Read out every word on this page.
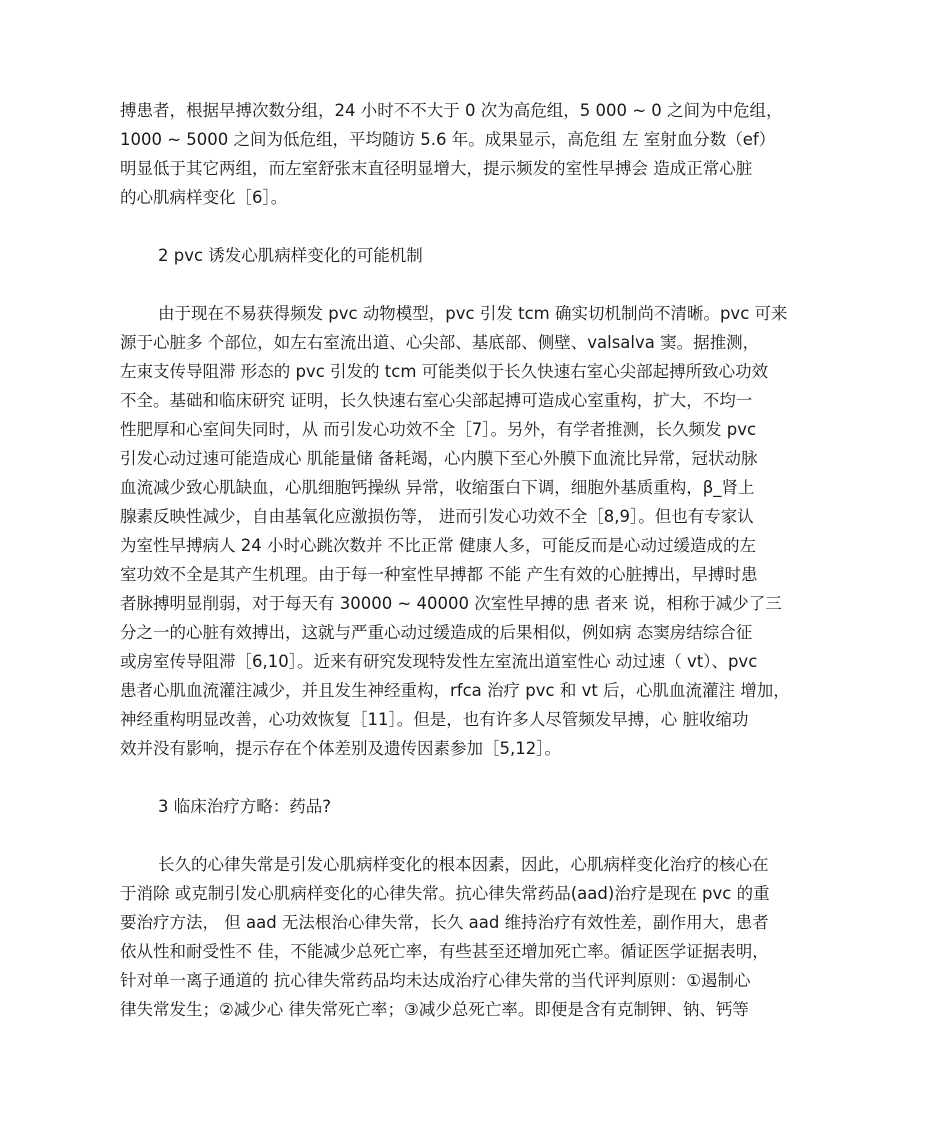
搏患者，根据早搏次数分组，24 小时不不大于 0 次为高危组，5 000 ~ 0 之间为中危组，
1000 ~ 5000 之间为低危组，平均随访 5.6 年。成果显示，高危组 左 室射血分数（ef）
明显低于其它两组，而左室舒张末直径明显增大，提示频发的室性早搏会 造成正常心脏
的心肌病样变化［6］。
2 pvc 诱发心肌病样变化的可能机制
由于现在不易获得频发 pvc 动物模型，pvc 引发 tcm 确实切机制尚不清晰。pvc 可来
源于心脏多 个部位，如左右室流出道、心尖部、基底部、侧壁、valsalva 窦。据推测，
左束支传导阻滞 形态的 pvc 引发的 tcm 可能类似于长久快速右室心尖部起搏所致心功效
不全。基础和临床研究 证明，长久快速右室心尖部起搏可造成心室重构，扩大，不均一
性肥厚和心室间失同时，从 而引发心功效不全［7］。另外，有学者推测，长久频发 pvc
引发心动过速可能造成心 肌能量储 备耗竭，心内膜下至心外膜下血流比异常，冠状动脉
血流减少致心肌缺血，心肌细胞钙操纵 异常，收缩蛋白下调，细胞外基质重构，β_肾上
腺素反映性减少，自由基氧化应激损伤等， 进而引发心功效不全［8,9］。但也有专家认
为室性早搏病人 24 小时心跳次数并 不比正常 健康人多，可能反而是心动过缓造成的左
室功效不全是其产生机理。由于每一种室性早搏都 不能 产生有效的心脏搏出，早搏时患
者脉搏明显削弱，对于每天有 30000 ~ 40000 次室性早搏的患 者来 说，相称于减少了三
分之一的心脏有效搏出，这就与严重心动过缓造成的后果相似，例如病 态窦房结综合征
或房室传导阻滞［6,10］。近来有研究发现特发性左室流出道室性心 动过速（ vt）、pvc
患者心肌血流灌注减少，并且发生神经重构，rfca 治疗 pvc 和 vt 后，心肌血流灌注 增加，
神经重构明显改善，心功效恢复［11］。但是，也有许多人尽管频发早搏，心 脏收缩功
效并没有影响，提示存在个体差别及遗传因素参加［5,12］。
3 临床治疗方略：药品?
长久的心律失常是引发心肌病样变化的根本因素，因此，心肌病样变化治疗的核心在
于消除 或克制引发心肌病样变化的心律失常。抗心律失常药品(aad)治疗是现在 pvc 的重
要治疗方法， 但 aad 无法根治心律失常，长久 aad 维持治疗有效性差，副作用大，患者
依从性和耐受性不 佳，不能减少总死亡率，有些甚至还增加死亡率。循证医学证据表明，
针对单一离子通道的 抗心律失常药品均未达成治疗心律失常的当代评判原则：①遏制心
律失常发生；②减少心 律失常死亡率；③减少总死亡率。即便是含有克制钾、钠、钙等
